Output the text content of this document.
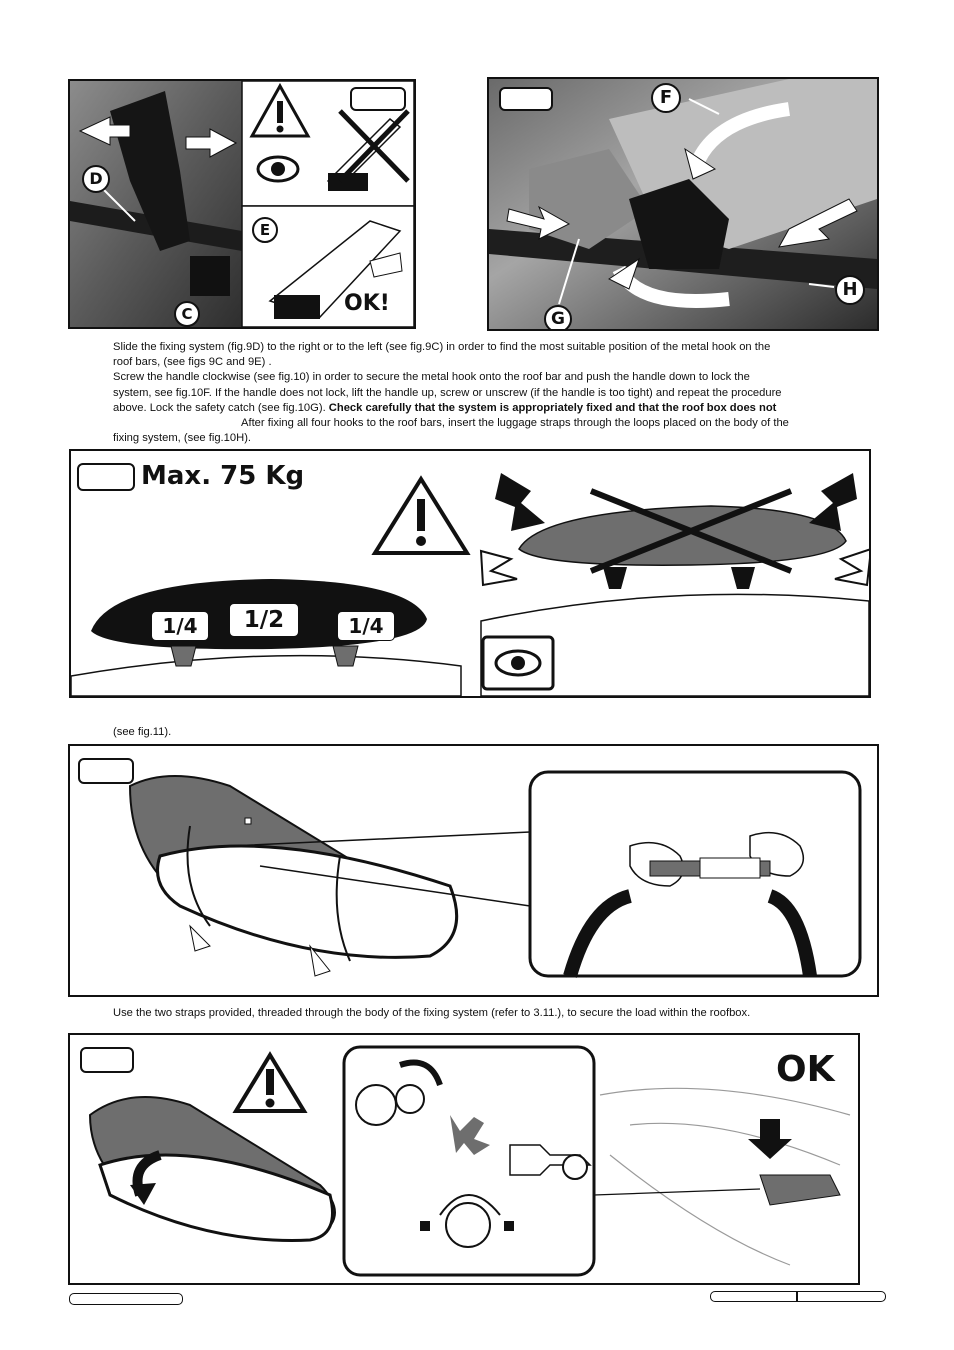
D
C
E
OK!
F
G
H

Slide the fixing system (fig.9D) to the right or to the left (see fig.9C) in order to find the most suitable position of the metal hook on the

roof bars, (see figs 9C and 9E) .

Screw the handle clockwise (see fig.10) in order to secure the metal hook onto the roof bar and push the handle down to lock the

system, see fig.10F. If the handle does not lock, lift the handle up, screw or unscrew (if the handle is too tight) and repeat the procedure

above. Lock the safety catch (see fig.10G). Check carefully that the system is appropriately fixed and that the roof box does not

After fixing all four hooks to the roof bars, insert the luggage straps through the loops placed on the body of the

fixing system, (see fig.10H).

Max. 75 Kg
1/4	1/2	1/4
(see fig.11).
Use the two straps provided, threaded through the body of the fixing system (refer to 3.11.), to secure the load within the roofbox.
OK
